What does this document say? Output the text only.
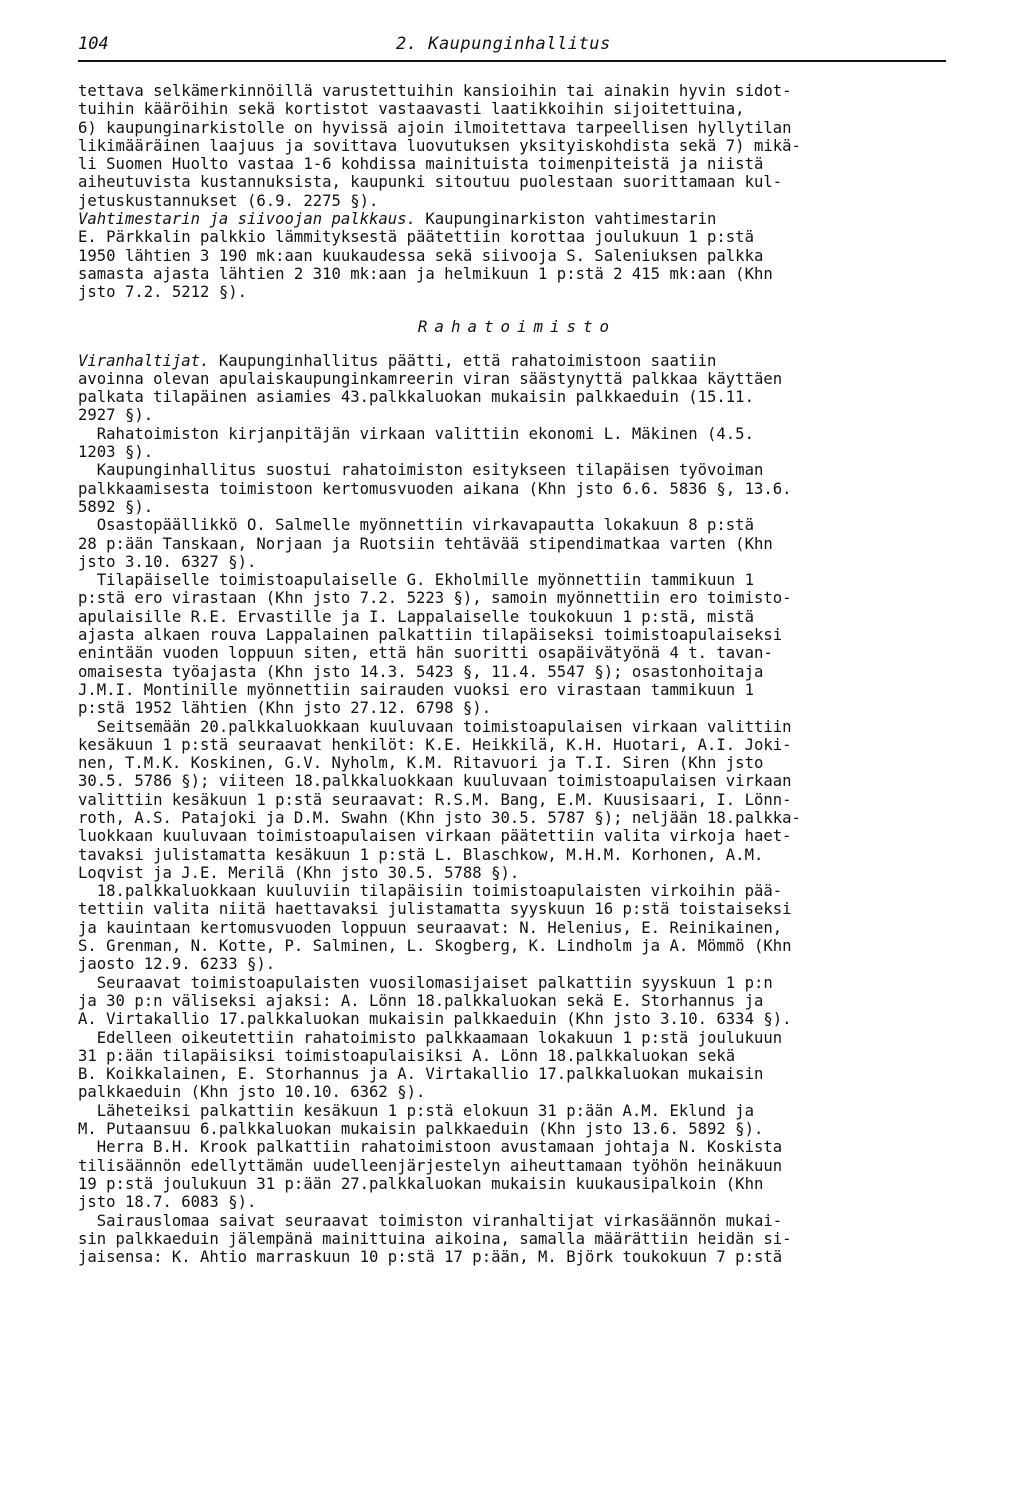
104	2. Kaupunginhallitus
tettava selkämerkinnöillä varustettuihin kansioihin tai ainakin hyvin sidot-
tuihin kääröihin sekä kortistot vastaavasti laatikkoihin sijoitettuina,
6) kaupunginarkistolle on hyvissä ajoin ilmoitettava tarpeellisen hyllytilan
likimääräinen laajuus ja sovittava luovutuksen yksityiskohdista sekä 7) mikä-
li Suomen Huolto vastaa 1-6 kohdissa mainituista toimenpiteistä ja niistä
aiheutuvista kustannuksista, kaupunki sitoutuu puolestaan suorittamaan kul-
jetuskustannukset (6.9. 2275 §).
Vahtimestarin ja siivoojan palkkaus. Kaupunginarkiston vahtimestarin
E. Pärkkalin palkkio lämmityksestä päätettiin korottaa joulukuun 1 p:stä
1950 lähtien 3 190 mk:aan kuukaudessa sekä siivooja S. Saleniuksen palkka
samasta ajasta lähtien 2 310 mk:aan ja helmikuun 1 p:stä 2 415 mk:aan (Khn
jsto 7.2. 5212 §).
Rahatoimisto
Viranhaltijat. Kaupunginhallitus päätti, että rahatoimistoon saatiin
avoinna olevan apulaiskaupunginkamreerin viran säästynyttä palkkaa käyttäen
palkata tilapäinen asiamies 43.palkkaluokan mukaisin palkkaeduin (15.11.
2927 §).
Rahatoimiston kirjanpitäjän virkaan valittiin ekonomi L. Mäkinen (4.5.
1203 §).
Kaupunginhallitus suostui rahatoimiston esitykseen tilapäisen työvoiman
palkkaamisesta toimistoon kertomusvuoden aikana (Khn jsto 6.6. 5836 §, 13.6.
5892 §).
Osastopäällikkö O. Salmelle myönnettiin virkavapautta lokakuun 8 p:stä
28 p:ään Tanskaan, Norjaan ja Ruotsiin tehtävää stipendimatkaa varten (Khn
jsto 3.10. 6327 §).
Tilapäiselle toimistoapulaiselle G. Ekholmille myönnettiin tammikuun 1
p:stä ero virastaan (Khn jsto 7.2. 5223 §), samoin myönnettiin ero toimisto-
apulaisille R.E. Ervastille ja I. Lappalaiselle toukokuun 1 p:stä, mistä
ajasta alkaen rouva Lappalainen palkattiin tilapäiseksi toimistoapulaiseksi
enintään vuoden loppuun siten, että hän suoritti osapäivätyönä 4 t. tavan-
omaisesta työajasta (Khn jsto 14.3. 5423 §, 11.4. 5547 §); osastonhoitaja
J.M.I. Montinille myönnettiin sairauden vuoksi ero virastaan tammikuun 1
p:stä 1952 lähtien (Khn jsto 27.12. 6798 §).
Seitsemään 20.palkkaluokkaan kuuluvaan toimistoapulaisen virkaan valittiin
kesäkuun 1 p:stä seuraavat henkilöt: K.E. Heikkilä, K.H. Huotari, A.I. Joki-
nen, T.M.K. Koskinen, G.V. Nyholm, K.M. Ritavuori ja T.I. Siren (Khn jsto
30.5. 5786 §); viiteen 18.palkkaluokkaan kuuluvaan toimistoapulaisen virkaan
valittiin kesäkuun 1 p:stä seuraavat: R.S.M. Bang, E.M. Kuusisaari, I. Lönn-
roth, A.S. Patajoki ja D.M. Swahn (Khn jsto 30.5. 5787 §); neljään 18.palkka-
luokkaan kuuluvaan toimistoapulaisen virkaan päätettiin valita virkoja haet-
tavaksi julistamatta kesäkuun 1 p:stä L. Blaschkow, M.H.M. Korhonen, A.M.
Loqvist ja J.E. Merilä (Khn jsto 30.5. 5788 §).
18.palkkaluokkaan kuuluviin tilapäisiin toimistoapulaisten virkoihin pää-
tettiin valita niitä haettavaksi julistamatta syyskuun 16 p:stä toistaiseksi
ja kauintaan kertomusvuoden loppuun seuraavat: N. Helenius, E. Reinikainen,
S. Grenman, N. Kotte, P. Salminen, L. Skogberg, K. Lindholm ja A. Mömmö (Khn
jaosto 12.9. 6233 §).
Seuraavat toimistoapulaisten vuosilomasijaiset palkattiin syyskuun 1 p:n
ja 30 p:n väliseksi ajaksi: A. Lönn 18.palkkaluokan sekä E. Storhannus ja
A. Virtakallio 17.palkkaluokan mukaisin palkkaeduin (Khn jsto 3.10. 6334 §).
Edelleen oikeutettiin rahatoimisto palkkaamaan lokakuun 1 p:stä joulukuun
31 p:ään tilapäisiksi toimistoapulaisiksi A. Lönn 18.palkkaluokan sekä
B. Koikkalainen, E. Storhannus ja A. Virtakallio 17.palkkaluokan mukaisin
palkkaeduin (Khn jsto 10.10. 6362 §).
Läheteiksi palkattiin kesäkuun 1 p:stä elokuun 31 p:ään A.M. Eklund ja
M. Putaansuu 6.palkkaluokan mukaisin palkkaeduin (Khn jsto 13.6. 5892 §).
Herra B.H. Krook palkattiin rahatoimistoon avustamaan johtaja N. Koskista
tilisäännön edellyttämän uudelleenjärjestelyn aiheuttamaan työhön heinäkuun
19 p:stä joulukuun 31 p:ään 27.palkkaluokan mukaisin kuukausipalkoin (Khn
jsto 18.7. 6083 §).
Sairauslomaa saivat seuraavat toimiston viranhaltijat virkasäännön mukai-
sin palkkaeduin jälempänä mainittuina aikoina, samalla määrättiin heidän si-
jaisensa: K. Ahtio marraskuun 10 p:stä 17 p:ään, M. Björk toukokuun 7 p:stä
